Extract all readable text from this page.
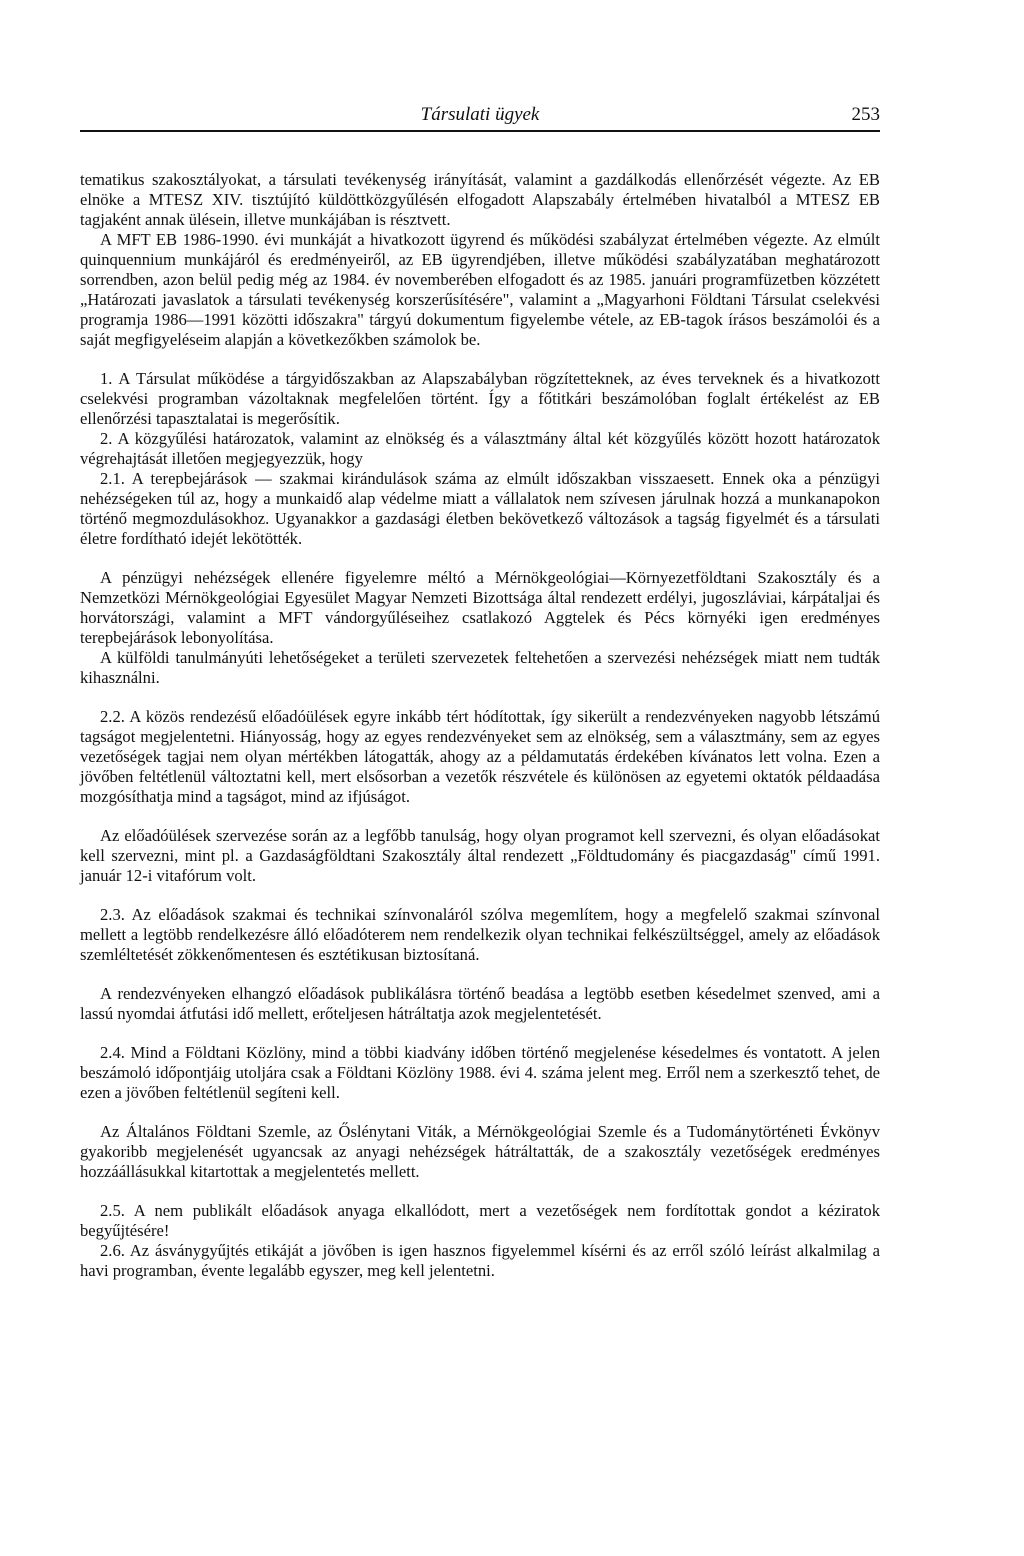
Társulati ügyek	253

tematikus szakosztályokat, a társulati tevékenység irányítását, valamint a gazdálkodás ellenőrzését végezte. Az EB elnöke a MTESZ XIV. tisztújító küldöttközgyűlésén elfogadott Alapszabály értelmében hivatalból a MTESZ EB tagjaként annak ülésein, illetve munkájában is résztvett.

A MFT EB 1986-1990. évi munkáját a hivatkozott ügyrend és működési szabályzat értelmében végezte. Az elmúlt quinquennium munkájáról és eredményeiről, az EB ügyrendjében, illetve működési szabályzatában meghatározott sorrendben, azon belül pedig még az 1984. év novemberében elfogadott és az 1985. januári programfüzetben közzétett „Határozati javaslatok a társulati tevékenység korszerűsítésére", valamint a „Magyarhoni Földtani Társulat cselekvési programja 1986—1991 közötti időszakra" tárgyú dokumentum figyelembe vétele, az EB-tagok írásos beszámolói és a saját megfigyeléseim alapján a következőkben számolok be.

1. A Társulat működése a tárgyidőszakban az Alapszabályban rögzítetteknek, az éves terveknek és a hivatkozott cselekvési programban vázoltaknak megfelelően történt. Így a főtitkári beszámolóban foglalt értékelést az EB ellenőrzési tapasztalatai is megerősítik.

2. A közgyűlési határozatok, valamint az elnökség és a választmány által két közgyűlés között hozott határozatok végrehajtását illetően megjegyezzük, hogy

2.1. A terepbejárások — szakmai kirándulások száma az elmúlt időszakban visszaesett. Ennek oka a pénzügyi nehézségeken túl az, hogy a munkaidő alap védelme miatt a vállalatok nem szívesen járulnak hozzá a munkanapokon történő megmozdulásokhoz. Ugyanakkor a gazdasági életben bekövetkező változások a tagság figyelmét és a társulati életre fordítható idejét lekötötték.

A pénzügyi nehézségek ellenére figyelemre méltó a Mérnökgeológiai—Környezetföldtani Szakosztály és a Nemzetközi Mérnökgeológiai Egyesület Magyar Nemzeti Bizottsága által rendezett erdélyi, jugoszláviai, kárpátaljai és horvátországi, valamint a MFT vándorgyűléseihez csatlakozó Aggtelek és Pécs környéki igen eredményes terepbejárások lebonyolítása.

A külföldi tanulmányúti lehetőségeket a területi szervezetek feltehetően a szervezési nehézségek miatt nem tudták kihasználni.

2.2. A közös rendezésű előadóülések egyre inkább tért hódítottak, így sikerült a rendezvényeken nagyobb létszámú tagságot megjelentetni. Hiányosság, hogy az egyes rendezvényeket sem az elnökség, sem a választmány, sem az egyes vezetőségek tagjai nem olyan mértékben látogatták, ahogy az a példamutatás érdekében kívánatos lett volna. Ezen a jövőben feltétlenül változtatni kell, mert elsősorban a vezetők részvétele és különösen az egyetemi oktatók példaadása mozgósíthatja mind a tagságot, mind az ifjúságot.

Az előadóülések szervezése során az a legfőbb tanulság, hogy olyan programot kell szervezni, és olyan előadásokat kell szervezni, mint pl. a Gazdaságföldtani Szakosztály által rendezett „Földtudomány és piacgazdaság" című 1991. január 12-i vitafórum volt.

2.3. Az előadások szakmai és technikai színvonaláról szólva megemlítem, hogy a megfelelő szakmai színvonal mellett a legtöbb rendelkezésre álló előadóterem nem rendelkezik olyan technikai felkészültséggel, amely az előadások szemléltetését zökkenőmentesen és esztétikusan biztosítaná.

A rendezvényeken elhangzó előadások publikálásra történő beadása a legtöbb esetben késedelmet szenved, ami a lassú nyomdai átfutási idő mellett, erőteljesen hátráltatja azok megjelentetését.

2.4. Mind a Földtani Közlöny, mind a többi kiadvány időben történő megjelenése késedelmes és vontatott. A jelen beszámoló időpontjáig utoljára csak a Földtani Közlöny 1988. évi 4. száma jelent meg. Erről nem a szerkesztő tehet, de ezen a jövőben feltétlenül segíteni kell.

Az Általános Földtani Szemle, az Őslénytani Viták, a Mérnökgeológiai Szemle és a Tudománytörténeti Évkönyv gyakoribb megjelenését ugyancsak az anyagi nehézségek hátráltatták, de a szakosztály vezetőségek eredményes hozzáállásukkal kitartottak a megjelentetés mellett.

2.5. A nem publikált előadások anyaga elkallódott, mert a vezetőségek nem fordítottak gondot a kéziratok begyűjtésére!

2.6. Az ásványgyűjtés etikáját a jövőben is igen hasznos figyelemmel kísérni és az erről szóló leírást alkalmilag a havi programban, évente legalább egyszer, meg kell jelentetni.
